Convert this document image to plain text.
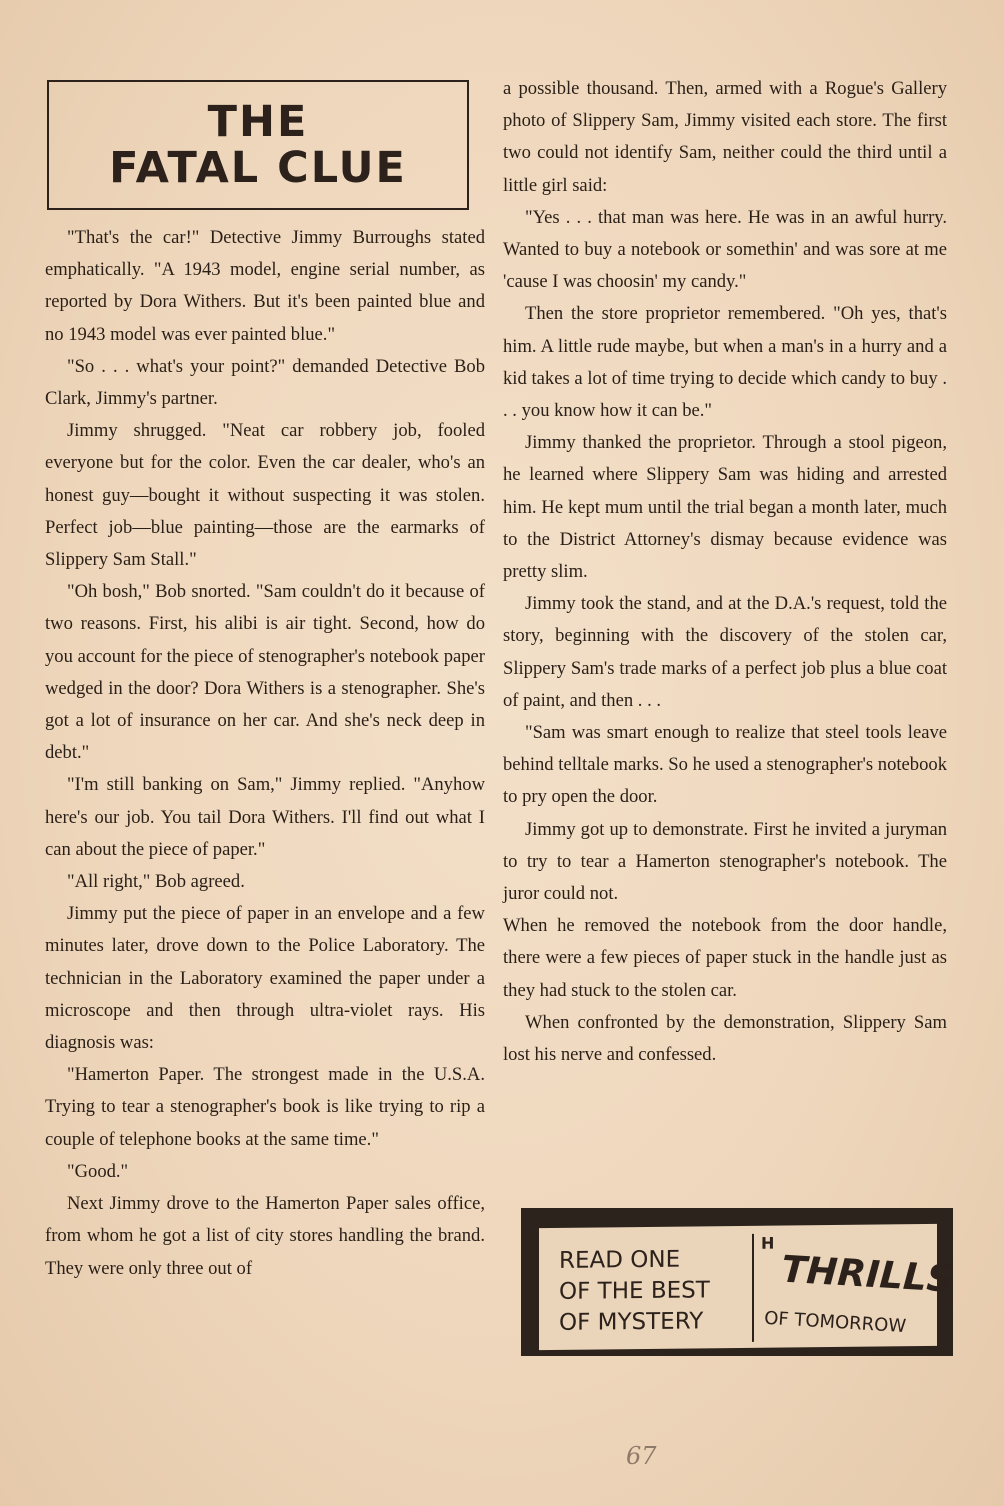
THE
FATAL CLUE

"That's the car!" Detective Jimmy Burroughs stated emphatically. "A 1943 model, engine serial number, as reported by Dora Withers. But it's been painted blue and no 1943 model was ever painted blue."

"So . . . what's your point?" demanded Detective Bob Clark, Jimmy's partner.

Jimmy shrugged. "Neat car robbery job, fooled everyone but for the color. Even the car dealer, who's an honest guy—bought it without suspecting it was stolen. Perfect job—blue painting—those are the earmarks of Slippery Sam Stall."

"Oh bosh," Bob snorted. "Sam couldn't do it because of two reasons. First, his alibi is air tight. Second, how do you account for the piece of stenographer's notebook paper wedged in the door? Dora Withers is a stenographer. She's got a lot of insurance on her car. And she's neck deep in debt."

"I'm still banking on Sam," Jimmy replied. "Anyhow here's our job. You tail Dora Withers. I'll find out what I can about the piece of paper."

"All right," Bob agreed.

Jimmy put the piece of paper in an envelope and a few minutes later, drove down to the Police Laboratory. The technician in the Laboratory examined the paper under a microscope and then through ultra-violet rays. His diagnosis was:

"Hamerton Paper. The strongest made in the U.S.A. Trying to tear a stenographer's book is like trying to rip a couple of telephone books at the same time."

"Good."

Next Jimmy drove to the Hamerton Paper sales office, from whom he got a list of city stores handling the brand. They were only three out of

a possible thousand. Then, armed with a Rogue's Gallery photo of Slippery Sam, Jimmy visited each store. The first two could not identify Sam, neither could the third until a little girl said:

"Yes . . . that man was here. He was in an awful hurry. Wanted to buy a notebook or somethin' and was sore at me 'cause I was choosin' my candy."

Then the store proprietor remembered. "Oh yes, that's him. A little rude maybe, but when a man's in a hurry and a kid takes a lot of time trying to decide which candy to buy . . . you know how it can be."

Jimmy thanked the proprietor. Through a stool pigeon, he learned where Slippery Sam was hiding and arrested him. He kept mum until the trial began a month later, much to the District Attorney's dismay because evidence was pretty slim.

Jimmy took the stand, and at the D.A.'s request, told the story, beginning with the discovery of the stolen car, Slippery Sam's trade marks of a perfect job plus a blue coat of paint, and then . . .

"Sam was smart enough to realize that steel tools leave behind telltale marks. So he used a stenographer's notebook to pry open the door.

Jimmy got up to demonstrate. First he invited a juryman to try to tear a Hamerton stenographer's notebook. The juror could not.

When he removed the notebook from the door handle, there were a few pieces of paper stuck in the handle just as they had stuck to the stolen car.

When confronted by the demonstration, Slippery Sam lost his nerve and confessed.

READ ONE
OF THE BEST
OF MYSTERY
H
THRILLS
OF TOMORROW
67
